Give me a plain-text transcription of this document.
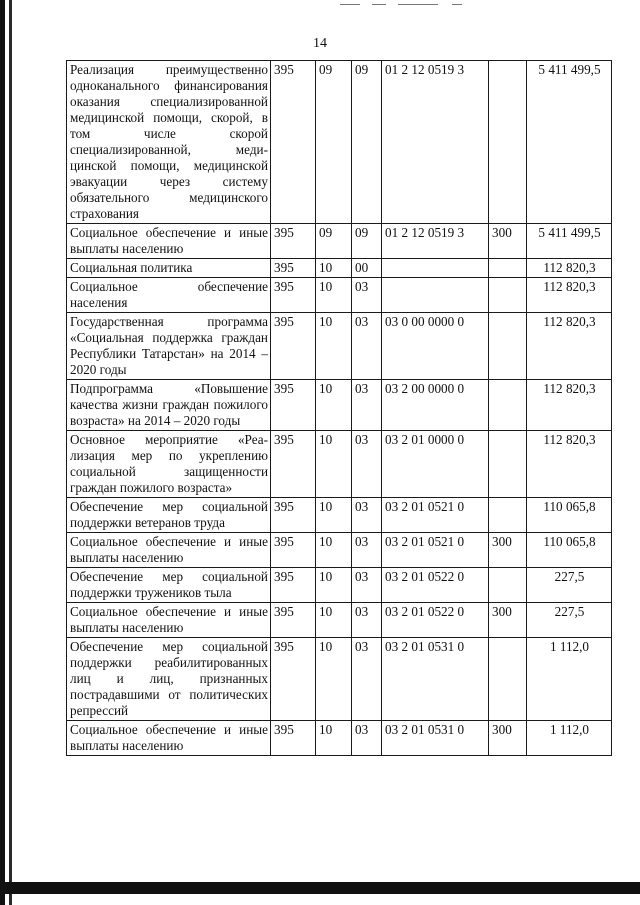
14
Реализация преимущественно одноканального финансирования оказания специализированной медицинской помощи, скорой, в том числе скорой специализированной, медицинской помощи, медицинской эвакуации через систему обязательного медицинского страхования	395	09	09	01 2 12 0519 3		5 411 499,5
Социальное обеспечение и иные выплаты населению	395	09	09	01 2 12 0519 3	300	5 411 499,5
Социальная политика	395	10	00			112 820,3
Социальное обеспечение населения	395	10	03			112 820,3
Государственная программа «Социальная поддержка граждан Республики Татарстан» на 2014 – 2020 годы	395	10	03	03 0 00 0000 0		112 820,3
Подпрограмма «Повышение качества жизни граждан пожилого возраста» на 2014 – 2020 годы	395	10	03	03 2 00 0000 0		112 820,3
Основное мероприятие «Реализация мер по укреплению социальной защищенности граждан пожилого возраста»	395	10	03	03 2 01 0000 0		112 820,3
Обеспечение мер социальной поддержки ветеранов труда	395	10	03	03 2 01 0521 0		110 065,8
Социальное обеспечение и иные выплаты населению	395	10	03	03 2 01 0521 0	300	110 065,8
Обеспечение мер социальной поддержки тружеников тыла	395	10	03	03 2 01 0522 0		227,5
Социальное обеспечение и иные выплаты населению	395	10	03	03 2 01 0522 0	300	227,5
Обеспечение мер социальной поддержки реабилитированных лиц и лиц, признанных пострадавшими от политических репрессий	395	10	03	03 2 01 0531 0		1 112,0
Социальное обеспечение и иные выплаты населению	395	10	03	03 2 01 0531 0	300	1 112,0
